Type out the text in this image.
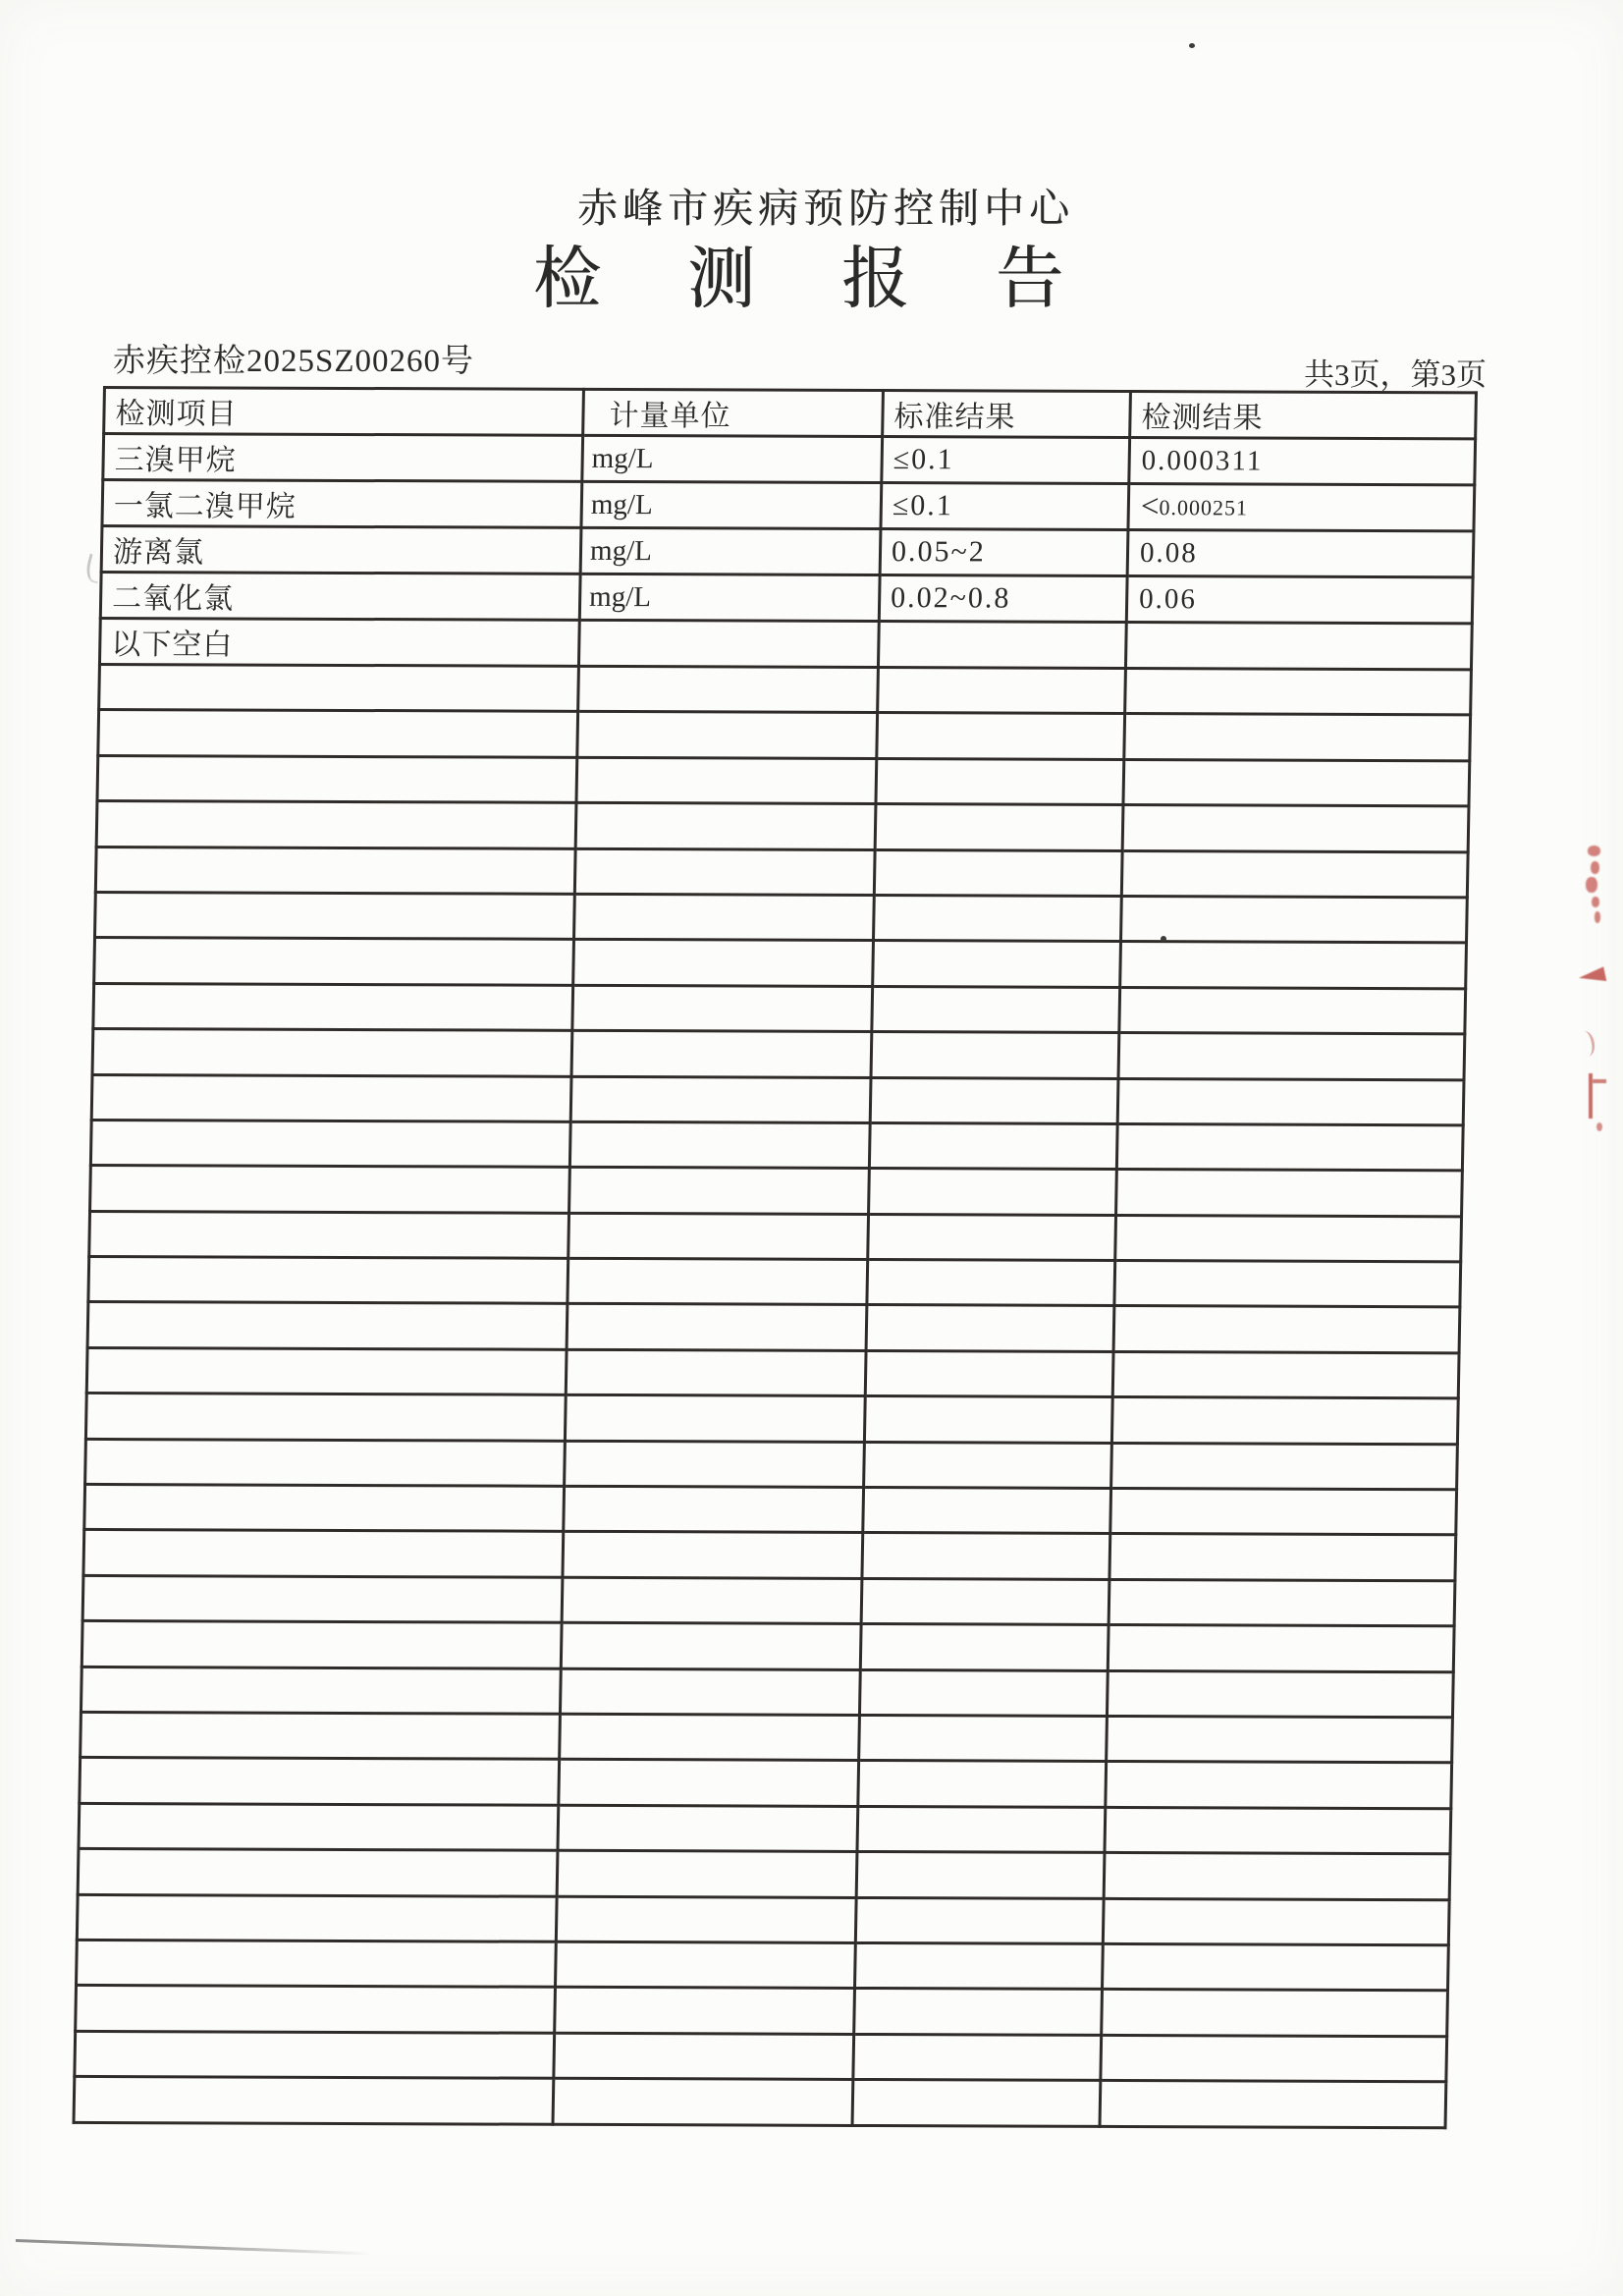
赤峰市疾病预防控制中心
检测报告
赤疾控检2025SZ00260号	共3页，第3页
检测项目	计量单位	标准结果	检测结果
三溴甲烷	mg/L	≤0.1	0.000311
一氯二溴甲烷	mg/L	≤0.1	<0.000251
游离氯	mg/L	0.05~2	0.08
二氧化氯	mg/L	0.02~0.8	0.06
以下空白			
